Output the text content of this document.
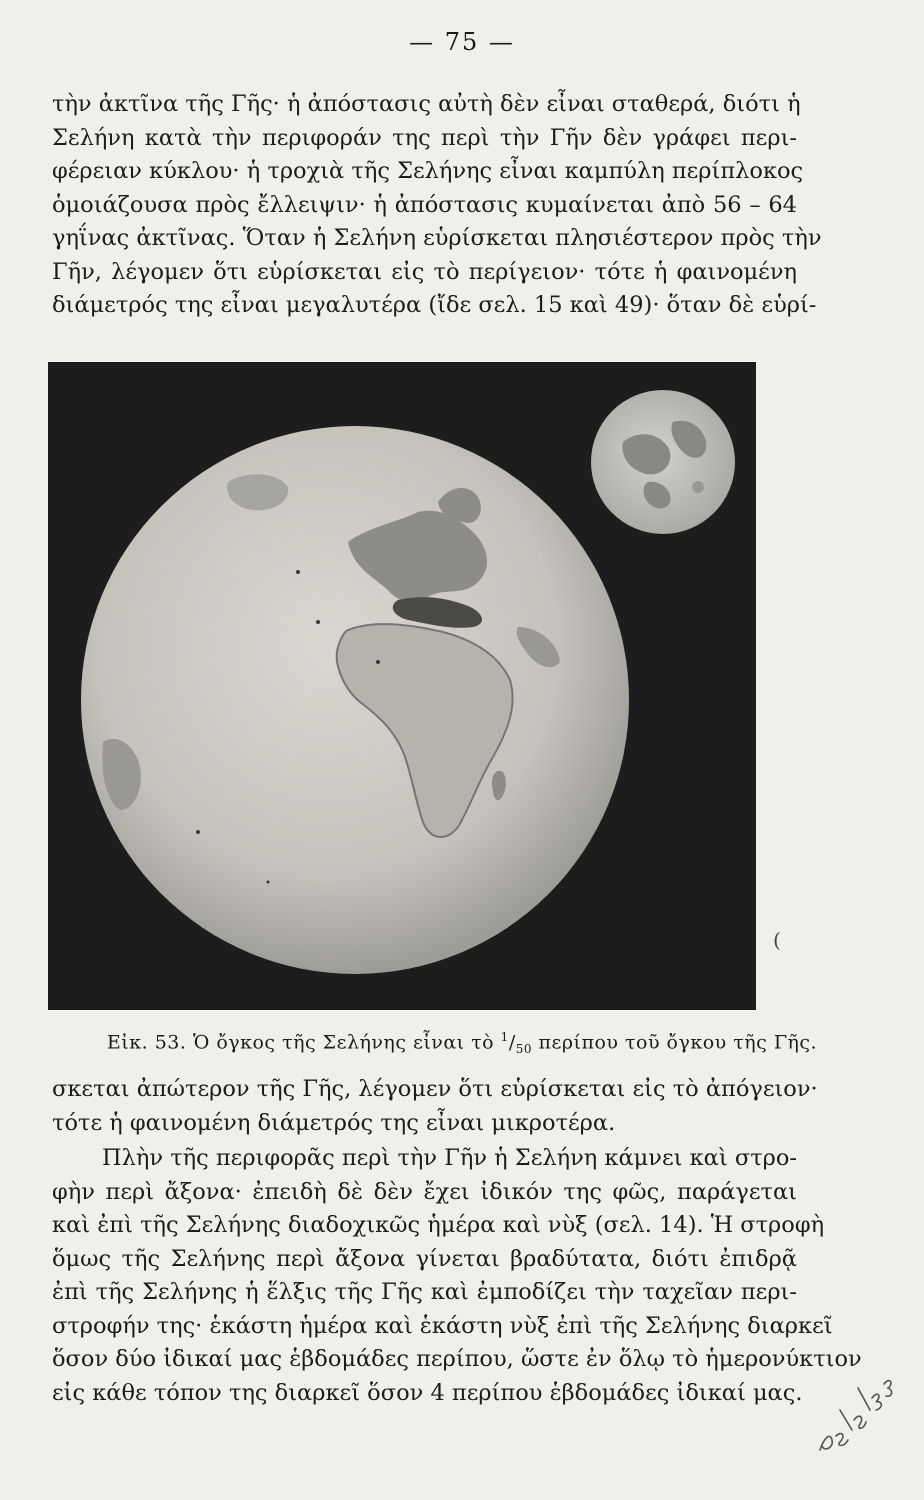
— 75 —
τὴν ἀκτῖνα τῆς Γῆς· ἡ ἀπόστασις αὐτὴ δὲν εἶναι σταθερά, διότι ἡ
Σελήνη κατὰ τὴν περιφοράν της περὶ τὴν Γῆν δὲν γράφει περι-
φέρειαν κύκλου· ἡ τροχιὰ τῆς Σελήνης εἶναι καμπύλη περίπλοκος
ὁμοιάζουσα πρὸς ἔλλειψιν· ἡ ἀπόστασις κυμαίνεται ἀπὸ 56 – 64
γηΐνας ἀκτῖνας. Ὅταν ἡ Σελήνη εὑρίσκεται πλησιέστερον πρὸς τὴν
Γῆν, λέγομεν ὅτι εὑρίσκεται εἰς τὸ περίγειον· τότε ἡ φαινομένη
διάμετρός της εἶναι μεγαλυτέρα (ἴδε σελ. 15 καὶ 49)· ὅταν δὲ εὑρί-
Εἰκ. 53. Ὁ ὄγκος τῆς Σελήνης εἶναι τὸ $^1/_{50}$ περίπου τοῦ ὄγκου τῆς Γῆς.
(
σκεται ἀπώτερον τῆς Γῆς, λέγομεν ὅτι εὑρίσκεται εἰς τὸ ἀπόγειον·
τότε ἡ φαινομένη διάμετρός της εἶναι μικροτέρα.
Πλὴν τῆς περιφορᾶς περὶ τὴν Γῆν ἡ Σελήνη κάμνει καὶ στρο-
φὴν περὶ ἄξονα· ἐπειδὴ δὲ δὲν ἔχει ἰδικόν της φῶς, παράγεται
καὶ ἐπὶ τῆς Σελήνης διαδοχικῶς ἡμέρα καὶ νὺξ (σελ. 14). Ἡ στροφὴ
ὅμως τῆς Σελήνης περὶ ἄξονα γίνεται βραδύτατα, διότι ἐπιδρᾷ
ἐπὶ τῆς Σελήνης ἡ ἕλξις τῆς Γῆς καὶ ἐμποδίζει τὴν ταχεῖαν περι-
στροφήν της· ἑκάστη ἡμέρα καὶ ἑκάστη νὺξ ἐπὶ τῆς Σελήνης διαρκεῖ
ὅσον δύο ἰδικαί μας ἑβδομάδες περίπου, ὥστε ἐν ὅλῳ τὸ ἡμερονύκτιον
εἰς κάθε τόπον της διαρκεῖ ὅσον 4 περίπου ἑβδομάδες ἰδικαί μας.
